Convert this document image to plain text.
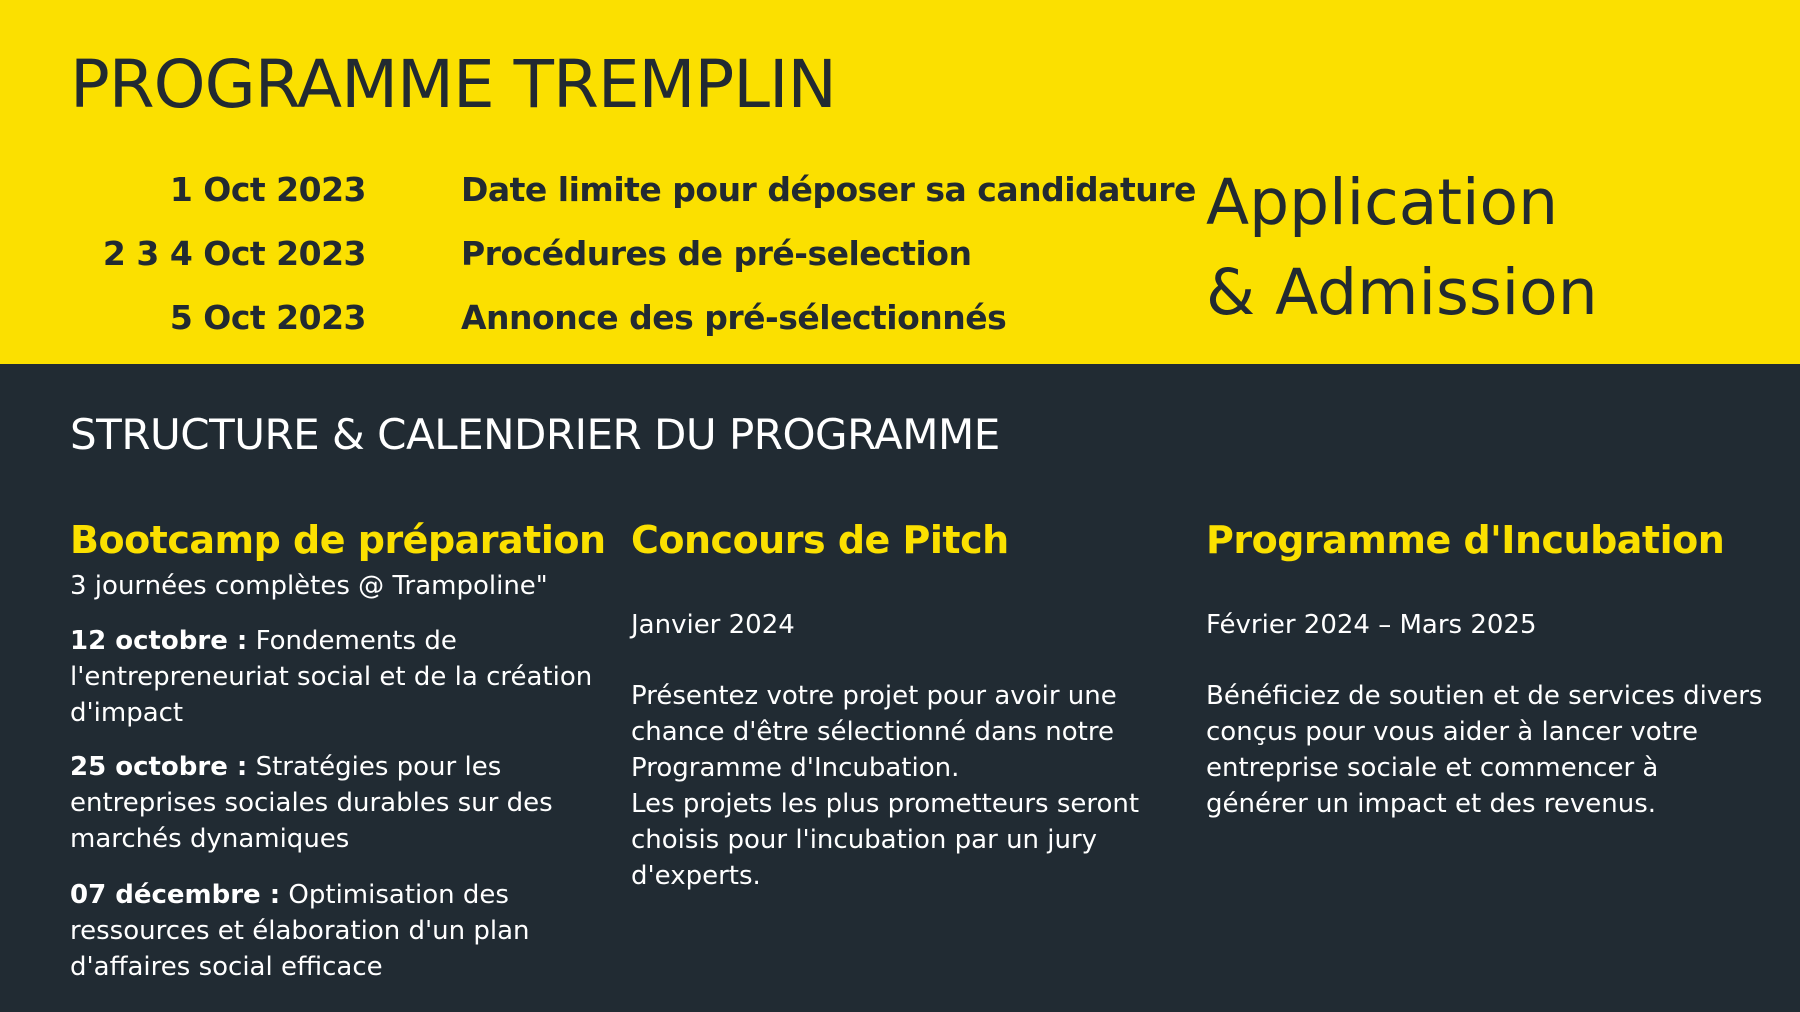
PROGRAMME TREMPLIN
1 Oct 2023	Date limite pour déposer sa candidature
2 3 4 Oct 2023	Procédures de pré-selection
5 Oct 2023	Annonce des pré-sélectionnés
Application
& Admission
STRUCTURE & CALENDRIER DU PROGRAMME
Bootcamp de préparation
3 journées complètes @ Trampoline"
12 octobre : Fondements de l'entrepreneuriat social et de la création d'impact
25 octobre : Stratégies pour les entreprises sociales durables sur des marchés dynamiques
07 décembre : Optimisation des ressources et élaboration d'un plan d'affaires social efficace
Concours de Pitch
Janvier 2024
Présentez votre projet pour avoir une chance d'être sélectionné dans notre Programme d'Incubation.
Les projets les plus prometteurs seront choisis pour l'incubation par un jury d'experts.
Programme d'Incubation
Février 2024 – Mars 2025
Bénéficiez de soutien et de services divers conçus pour vous aider à lancer votre entreprise sociale et commencer à générer un impact et des revenus.
